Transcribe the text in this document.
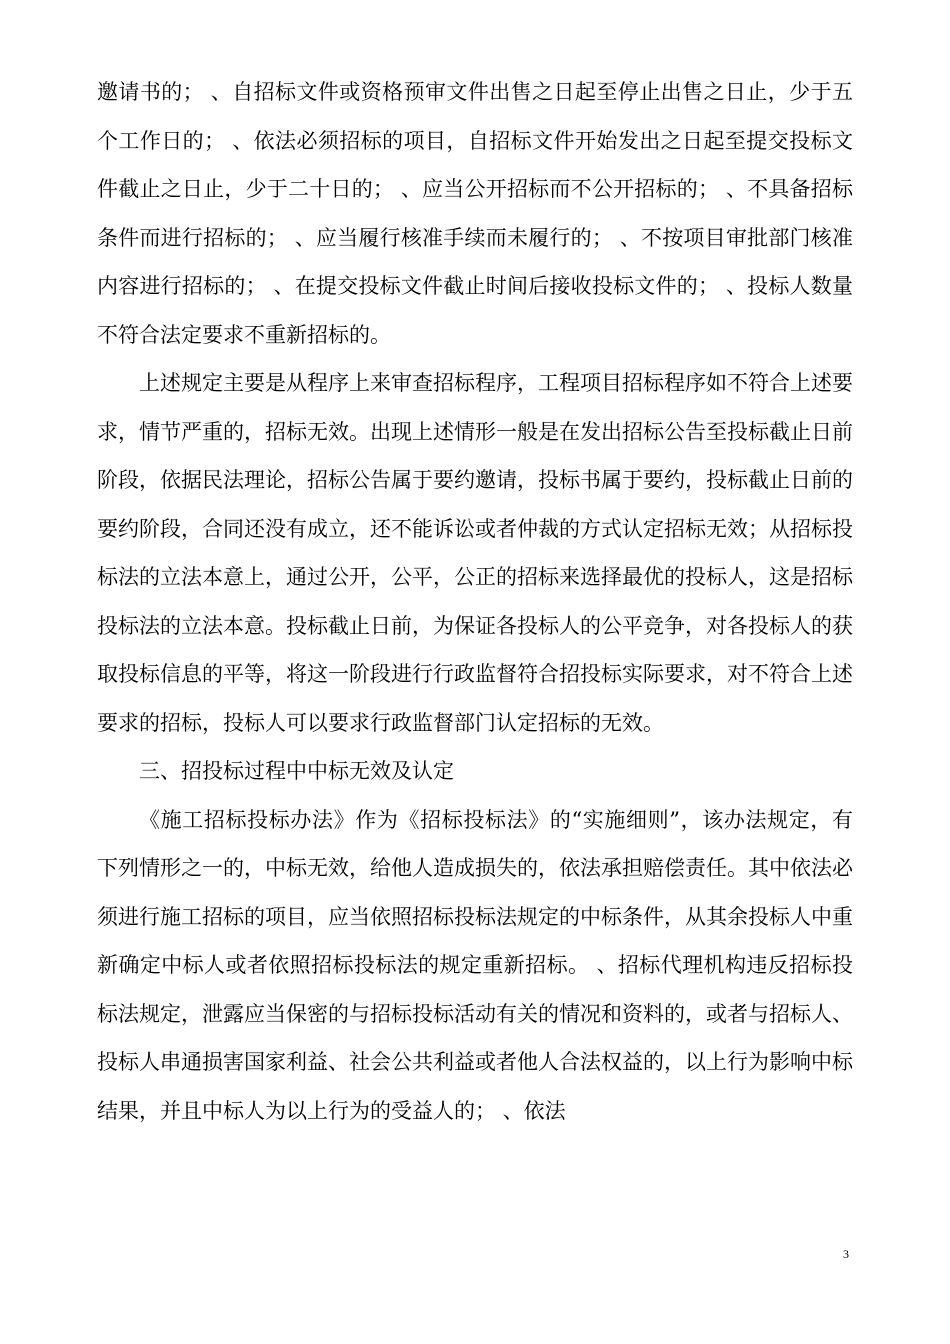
邀请书的； 、自招标文件或资格预审文件出售之日起至停止出售之日止，少于五个工作日的； 、依法必须招标的项目，自招标文件开始发出之日起至提交投标文件截止之日止，少于二十日的； 、应当公开招标而不公开招标的； 、不具备招标条件而进行招标的； 、应当履行核准手续而未履行的； 、不按项目审批部门核准内容进行招标的； 、在提交投标文件截止时间后接收投标文件的； 、投标人数量不符合法定要求不重新招标的。

上述规定主要是从程序上来审查招标程序，工程项目招标程序如不符合上述要求，情节严重的，招标无效。出现上述情形一般是在发出招标公告至投标截止日前阶段，依据民法理论，招标公告属于要约邀请，投标书属于要约，投标截止日前的要约阶段，合同还没有成立，还不能诉讼或者仲裁的方式认定招标无效；从招标投标法的立法本意上，通过公开，公平，公正的招标来选择最优的投标人，这是招标投标法的立法本意。投标截止日前，为保证各投标人的公平竞争，对各投标人的获取投标信息的平等，将这一阶段进行行政监督符合招投标实际要求，对不符合上述要求的招标，投标人可以要求行政监督部门认定招标的无效。

三、招投标过程中中标无效及认定

《施工招标投标办法》作为《招标投标法》的“实施细则”，该办法规定，有下列情形之一的，中标无效，给他人造成损失的，依法承担赔偿责任。其中依法必须进行施工招标的项目，应当依照招标投标法规定的中标条件，从其余投标人中重新确定中标人或者依照招标投标法的规定重新招标。 、招标代理机构违反招标投标法规定，泄露应当保密的与招标投标活动有关的情况和资料的，或者与招标人、投标人串通损害国家利益、社会公共利益或者他人合法权益的，以上行为影响中标结果，并且中标人为以上行为的受益人的； 、依法

3
